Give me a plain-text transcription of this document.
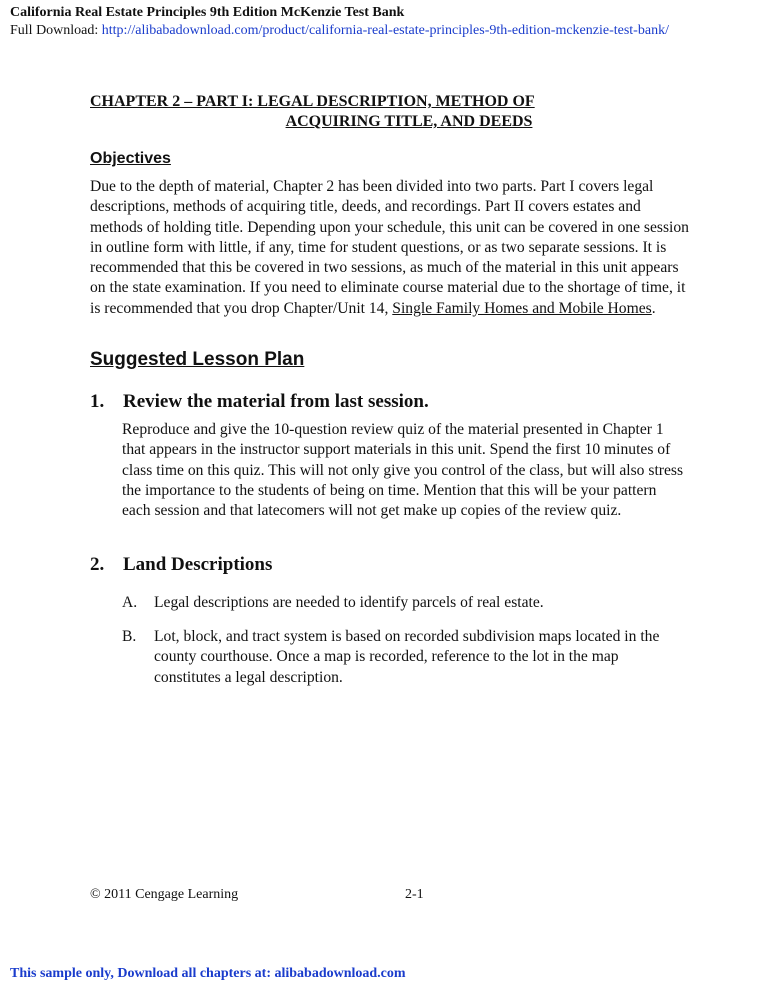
California Real Estate Principles 9th Edition McKenzie Test Bank
Full Download: http://alibabadownload.com/product/california-real-estate-principles-9th-edition-mckenzie-test-bank/
CHAPTER 2 – PART I: LEGAL DESCRIPTION, METHOD OF
ACQUIRING TITLE, AND DEEDS
Objectives
Due to the depth of material, Chapter 2 has been divided into two parts. Part I covers legal descriptions, methods of acquiring title, deeds, and recordings. Part II covers estates and methods of holding title. Depending upon your schedule, this unit can be covered in one session in outline form with little, if any, time for student questions, or as two separate sessions. It is recommended that this be covered in two sessions, as much of the material in this unit appears on the state examination. If you need to eliminate course material due to the shortage of time, it is recommended that you drop Chapter/Unit 14, Single Family Homes and Mobile Homes.
Suggested Lesson Plan
1. Review the material from last session.
Reproduce and give the 10-question review quiz of the material presented in Chapter 1 that appears in the instructor support materials in this unit. Spend the first 10 minutes of class time on this quiz. This will not only give you control of the class, but will also stress the importance to the students of being on time. Mention that this will be your pattern each session and that latecomers will not get make up copies of the review quiz.
2. Land Descriptions
A.	Legal descriptions are needed to identify parcels of real estate.
B.	Lot, block, and tract system is based on recorded subdivision maps located in the county courthouse. Once a map is recorded, reference to the lot in the map constitutes a legal description.
© 2011 Cengage Learning	2-1
This sample only, Download all chapters at: alibabadownload.com
